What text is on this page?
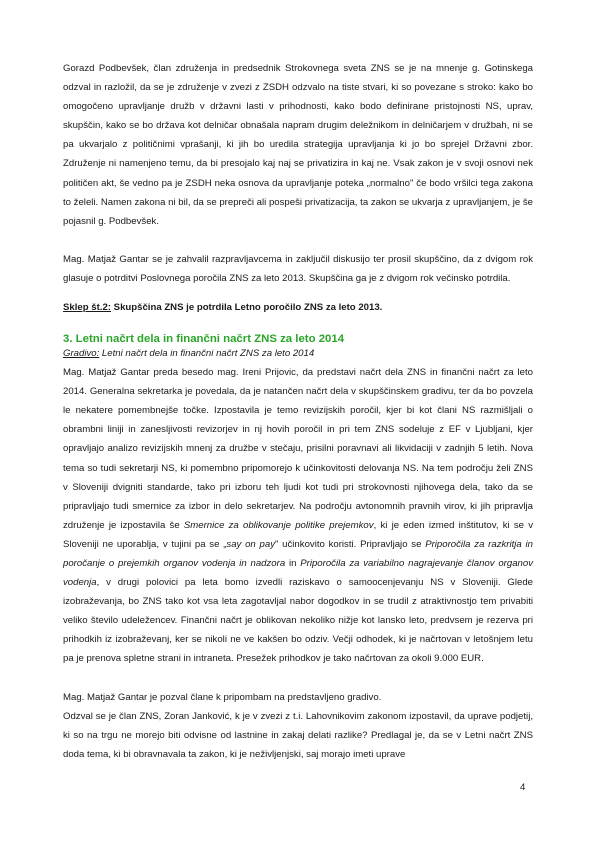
Gorazd Podbevšek, član združenja in predsednik Strokovnega sveta ZNS se je na mnenje g. Gotinskega odzval in razložil, da se je združenje v zvezi z ZSDH odzvalo na tiste stvari, ki so povezane s stroko: kako bo omogočeno upravljanje družb v državni lasti v prihodnosti, kako bodo definirane pristojnosti NS, uprav, skupščin, kako se bo država kot delničar obnašala napram drugim deležnikom in delničarjem v družbah, ni se pa ukvarjalo z političnimi vprašanji, ki jih bo uredila strategija upravljanja ki jo bo sprejel Državni zbor. Združenje ni namenjeno temu, da bi presojalo kaj naj se privatizira in kaj ne. Vsak zakon je v svoji osnovi nek političen akt, še vedno pa je ZSDH neka osnova da upravljanje poteka „normalno" če bodo vršilci tega zakona to želeli. Namen zakona ni bil, da se prepreči ali pospeši privatizacija, ta zakon se ukvarja z upravljanjem, je še pojasnil g. Podbevšek.

Mag. Matjaž Gantar se je zahvalil razpravljavcema in zaključil diskusijo ter prosil skupščino, da z dvigom rok glasuje o potrditvi Poslovnega poročila ZNS za leto 2013. Skupščina ga je z dvigom rok večinsko potrdila.

Sklep št.2: Skupščina ZNS je potrdila Letno poročilo ZNS za leto 2013.

3. Letni načrt dela in finančni načrt ZNS za leto 2014

Gradivo: Letni načrt dela in finančni načrt ZNS za leto 2014

Mag. Matjaž Gantar preda besedo mag. Ireni Prijovic, da predstavi načrt dela ZNS in finančni načrt za leto 2014. Generalna sekretarka je povedala, da je natančen načrt dela v skupščinskem gradivu, ter da bo povzela le nekatere pomembnejše točke. Izpostavila je temo revizijskih poročil, kjer bi kot člani NS razmišljali o obrambni liniji in zanesljivosti revizorjev in nj hovih poročil in pri tem ZNS sodeluje z EF v Ljubljani, kjer opravljajo analizo revizijskih mnenj za družbe v stečaju, prisilni poravnavi ali likvidaciji v zadnjih 5 letih. Nova tema so tudi sekretarji NS, ki pomembno pripomorejo k učinkovitosti delovanja NS. Na tem področju želi ZNS v Sloveniji dvigniti standarde, tako pri izboru teh ljudi kot tudi pri strokovnosti njihovega dela, tako da se pripravljajo tudi smernice za izbor in delo sekretarjev. Na področju avtonomnih pravnih virov, ki jih pripravlja združenje je izpostavila še Smernice za oblikovanje politike prejemkov, ki je eden izmed inštitutov, ki se v Sloveniji ne uporablja, v tujini pa se „say on pay" učinkovito koristi. Pripravljajo se Priporočila za razkritja in poročanje o prejemkih organov vodenja in nadzora in Priporočila za variabilno nagrajevanje članov organov vodenja, v drugi polovici pa leta bomo izvedli raziskavo o samoocenjevanju NS v Sloveniji. Glede izobraževanja, bo ZNS tako kot vsa leta zagotavljal nabor dogodkov in se trudil z atraktivnostjo tem privabiti veliko število udeležencev. Finančni načrt je oblikovan nekoliko nižje kot lansko leto, predvsem je rezerva pri prihodkih iz izobraževanj, ker se nikoli ne ve kakšen bo odziv. Večji odhodek, ki je načrtovan v letošnjem letu pa je prenova spletne strani in intraneta. Presežek prihodkov je tako načrtovan za okoli 9.000 EUR.

Mag. Matjaž Gantar je pozval člane k pripombam na predstavljeno gradivo.

Odzval se je član ZNS, Zoran Janković, k je v zvezi z t.i. Lahovnikovim zakonom izpostavil, da uprave podjetij, ki so na trgu ne morejo biti odvisne od lastnine in zakaj delati razlike? Predlagal je, da se v Letni načrt ZNS doda tema, ki bi obravnavala ta zakon, ki je neživljenjski, saj morajo imeti uprave

4
